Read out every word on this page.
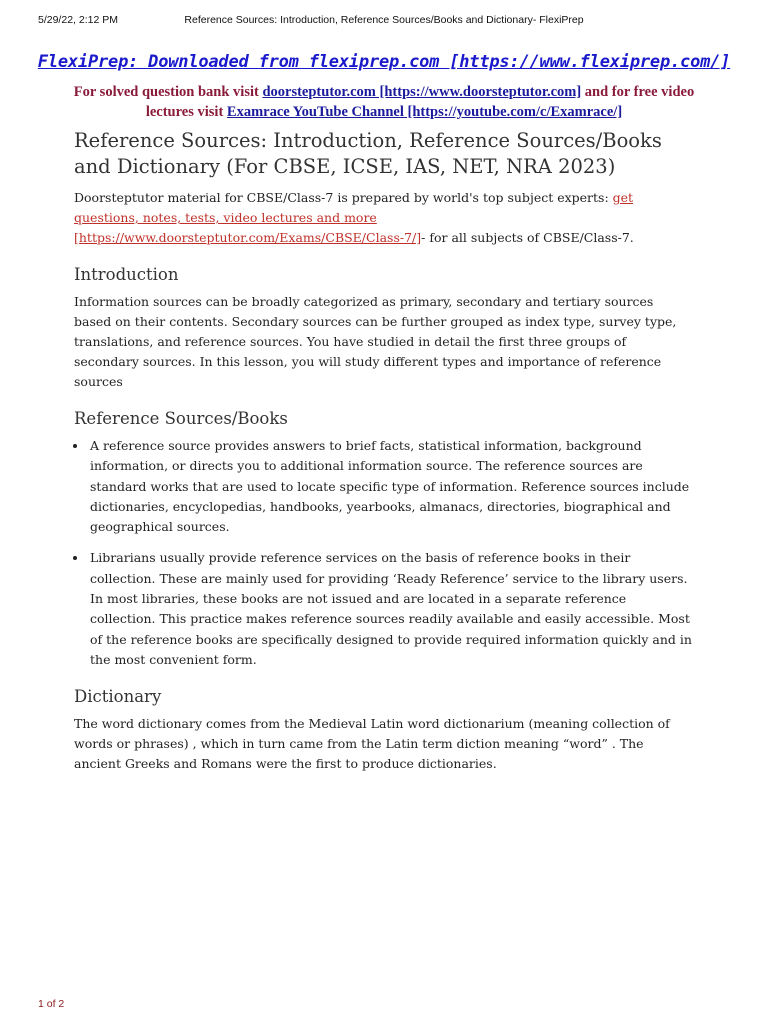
5/29/22, 2:12 PM	Reference Sources: Introduction, Reference Sources/Books and Dictionary- FlexiPrep
FlexiPrep: Downloaded from flexiprep.com [https://www.flexiprep.com/]
For solved question bank visit doorsteptutor.com [https://www.doorsteptutor.com] and for free video lectures visit Examrace YouTube Channel [https://youtube.com/c/Examrace/]
Reference Sources: Introduction, Reference Sources/Books and Dictionary (For CBSE, ICSE, IAS, NET, NRA 2023)

Doorsteptutor material for CBSE/Class-7 is prepared by world's top subject experts: get questions, notes, tests, video lectures and more [https://www.doorsteptutor.com/Exams/CBSE/Class-7/]- for all subjects of CBSE/Class-7.

Introduction

Information sources can be broadly categorized as primary, secondary and tertiary sources based on their contents. Secondary sources can be further grouped as index type, survey type, translations, and reference sources. You have studied in detail the first three groups of secondary sources. In this lesson, you will study different types and importance of reference sources

Reference Sources/Books
• A reference source provides answers to brief facts, statistical information, background information, or directs you to additional information source. The reference sources are standard works that are used to locate specific type of information. Reference sources include dictionaries, encyclopedias, handbooks, yearbooks, almanacs, directories, biographical and geographical sources.
• Librarians usually provide reference services on the basis of reference books in their collection. These are mainly used for providing ‘Ready Reference’ service to the library users. In most libraries, these books are not issued and are located in a separate reference collection. This practice makes reference sources readily available and easily accessible. Most of the reference books are specifically designed to provide required information quickly and in the most convenient form.
Dictionary

The word dictionary comes from the Medieval Latin word dictionarium (meaning collection of words or phrases) , which in turn came from the Latin term diction meaning “word” . The ancient Greeks and Romans were the first to produce dictionaries.

1 of 2
